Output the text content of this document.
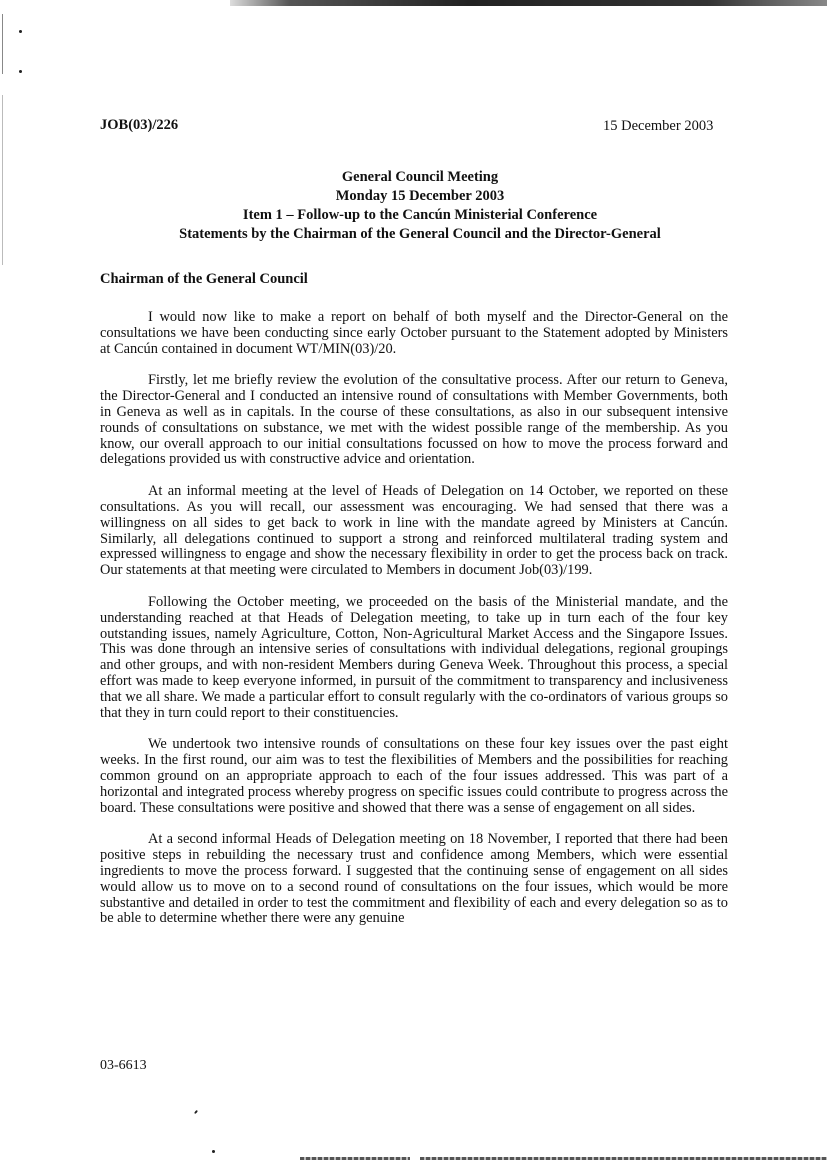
JOB(03)/226	15 December 2003
General Council Meeting
Monday 15 December 2003
Item 1 – Follow-up to the Cancún Ministerial Conference
Statements by the Chairman of the General Council and the Director-General
Chairman of the General Council

I would now like to make a report on behalf of both myself and the Director-General on the consultations we have been conducting since early October pursuant to the Statement adopted by Ministers at Cancún contained in document WT/MIN(03)/20.

Firstly, let me briefly review the evolution of the consultative process. After our return to Geneva, the Director-General and I conducted an intensive round of consultations with Member Governments, both in Geneva as well as in capitals. In the course of these consultations, as also in our subsequent intensive rounds of consultations on substance, we met with the widest possible range of the membership. As you know, our overall approach to our initial consultations focussed on how to move the process forward and delegations provided us with constructive advice and orientation.

At an informal meeting at the level of Heads of Delegation on 14 October, we reported on these consultations. As you will recall, our assessment was encouraging. We had sensed that there was a willingness on all sides to get back to work in line with the mandate agreed by Ministers at Cancún. Similarly, all delegations continued to support a strong and reinforced multilateral trading system and expressed willingness to engage and show the necessary flexibility in order to get the process back on track. Our statements at that meeting were circulated to Members in document Job(03)/199.

Following the October meeting, we proceeded on the basis of the Ministerial mandate, and the understanding reached at that Heads of Delegation meeting, to take up in turn each of the four key outstanding issues, namely Agriculture, Cotton, Non-Agricultural Market Access and the Singapore Issues. This was done through an intensive series of consultations with individual delegations, regional groupings and other groups, and with non-resident Members during Geneva Week. Throughout this process, a special effort was made to keep everyone informed, in pursuit of the commitment to transparency and inclusiveness that we all share. We made a particular effort to consult regularly with the co-ordinators of various groups so that they in turn could report to their constituencies.

We undertook two intensive rounds of consultations on these four key issues over the past eight weeks. In the first round, our aim was to test the flexibilities of Members and the possibilities for reaching common ground on an appropriate approach to each of the four issues addressed. This was part of a horizontal and integrated process whereby progress on specific issues could contribute to progress across the board. These consultations were positive and showed that there was a sense of engagement on all sides.

At a second informal Heads of Delegation meeting on 18 November, I reported that there had been positive steps in rebuilding the necessary trust and confidence among Members, which were essential ingredients to move the process forward. I suggested that the continuing sense of engagement on all sides would allow us to move on to a second round of consultations on the four issues, which would be more substantive and detailed in order to test the commitment and flexibility of each and every delegation so as to be able to determine whether there were any genuine

03-6613
